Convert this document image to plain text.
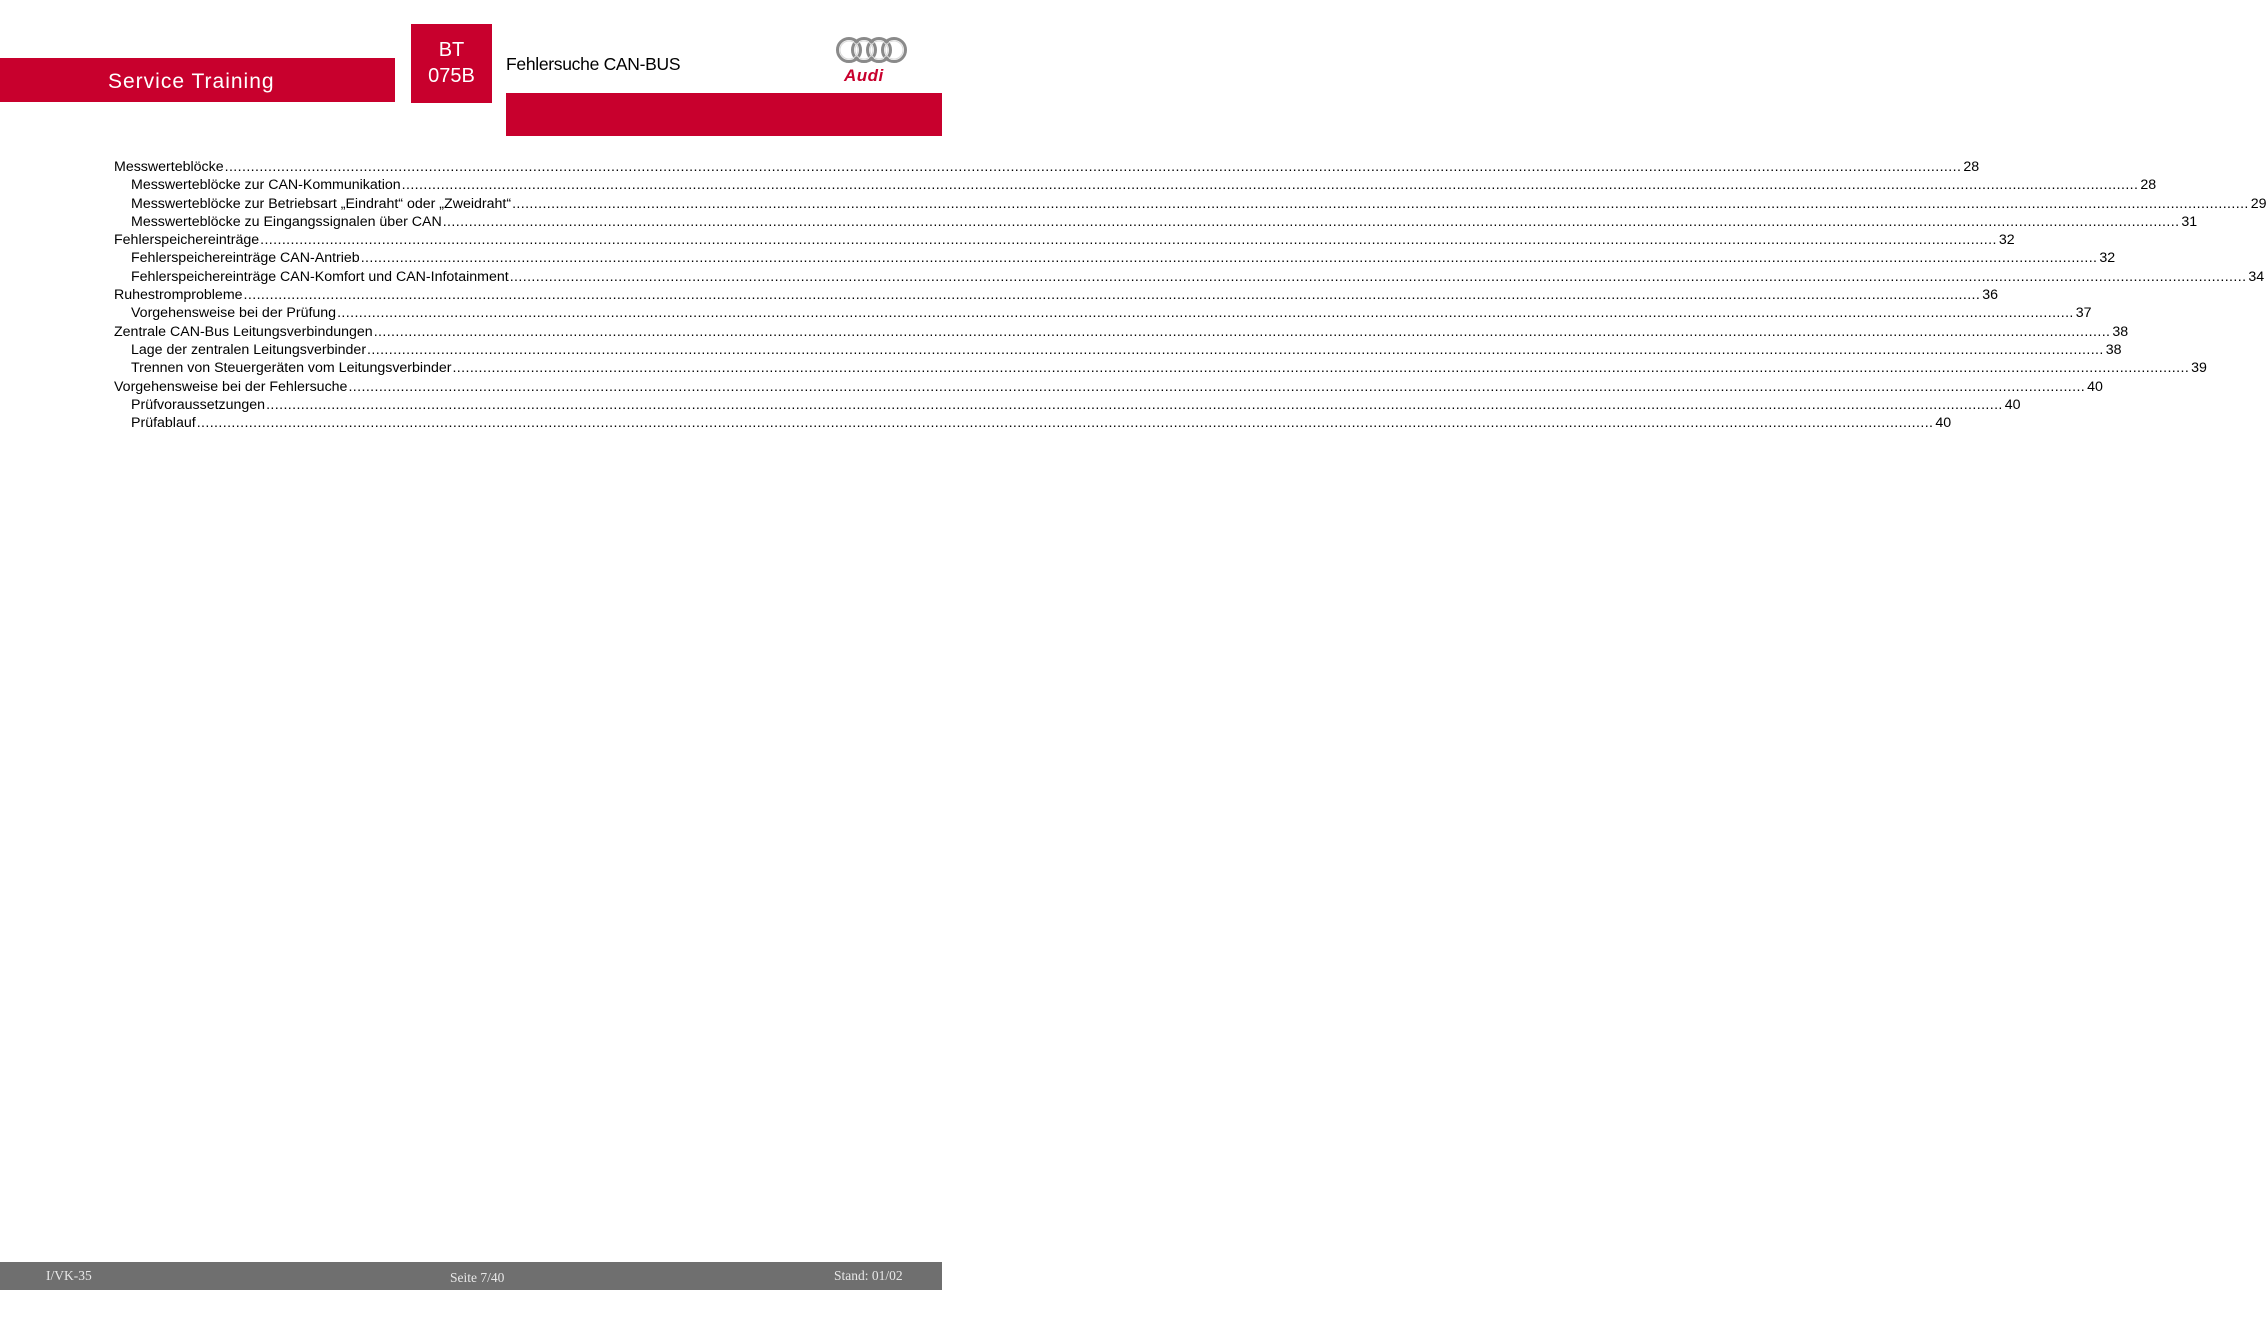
Service Training
BT
075B
Fehlersuche CAN-BUS
Audi
Messwerteblöcke ................................................................................................................................................................................................................................................................................................................................................................................................................ 28
Messwerteblöcke zur CAN-Kommunikation ................................................................................................................................................................................................................................................................................................................................................................................................................ 28
Messwerteblöcke zur Betriebsart „Eindraht“ oder „Zweidraht“ ................................................................................................................................................................................................................................................................................................................................................................................................................ 29
Messwerteblöcke zu Eingangssignalen über CAN ................................................................................................................................................................................................................................................................................................................................................................................................................ 31
Fehlerspeichereinträge ................................................................................................................................................................................................................................................................................................................................................................................................................ 32
Fehlerspeichereinträge CAN-Antrieb ................................................................................................................................................................................................................................................................................................................................................................................................................ 32
Fehlerspeichereinträge CAN-Komfort und CAN-Infotainment ................................................................................................................................................................................................................................................................................................................................................................................................................ 34
Ruhestromprobleme ................................................................................................................................................................................................................................................................................................................................................................................................................ 36
Vorgehensweise bei der Prüfung ................................................................................................................................................................................................................................................................................................................................................................................................................ 37
Zentrale CAN-Bus Leitungsverbindungen ................................................................................................................................................................................................................................................................................................................................................................................................................ 38
Lage der zentralen Leitungsverbinder ................................................................................................................................................................................................................................................................................................................................................................................................................ 38
Trennen von Steuergeräten vom Leitungsverbinder ................................................................................................................................................................................................................................................................................................................................................................................................................ 39
Vorgehensweise bei der Fehlersuche ................................................................................................................................................................................................................................................................................................................................................................................................................ 40
Prüfvoraussetzungen ................................................................................................................................................................................................................................................................................................................................................................................................................ 40
Prüfablauf ................................................................................................................................................................................................................................................................................................................................................................................................................ 40
I/VK-35	Seite 7/40	Stand: 01/02
